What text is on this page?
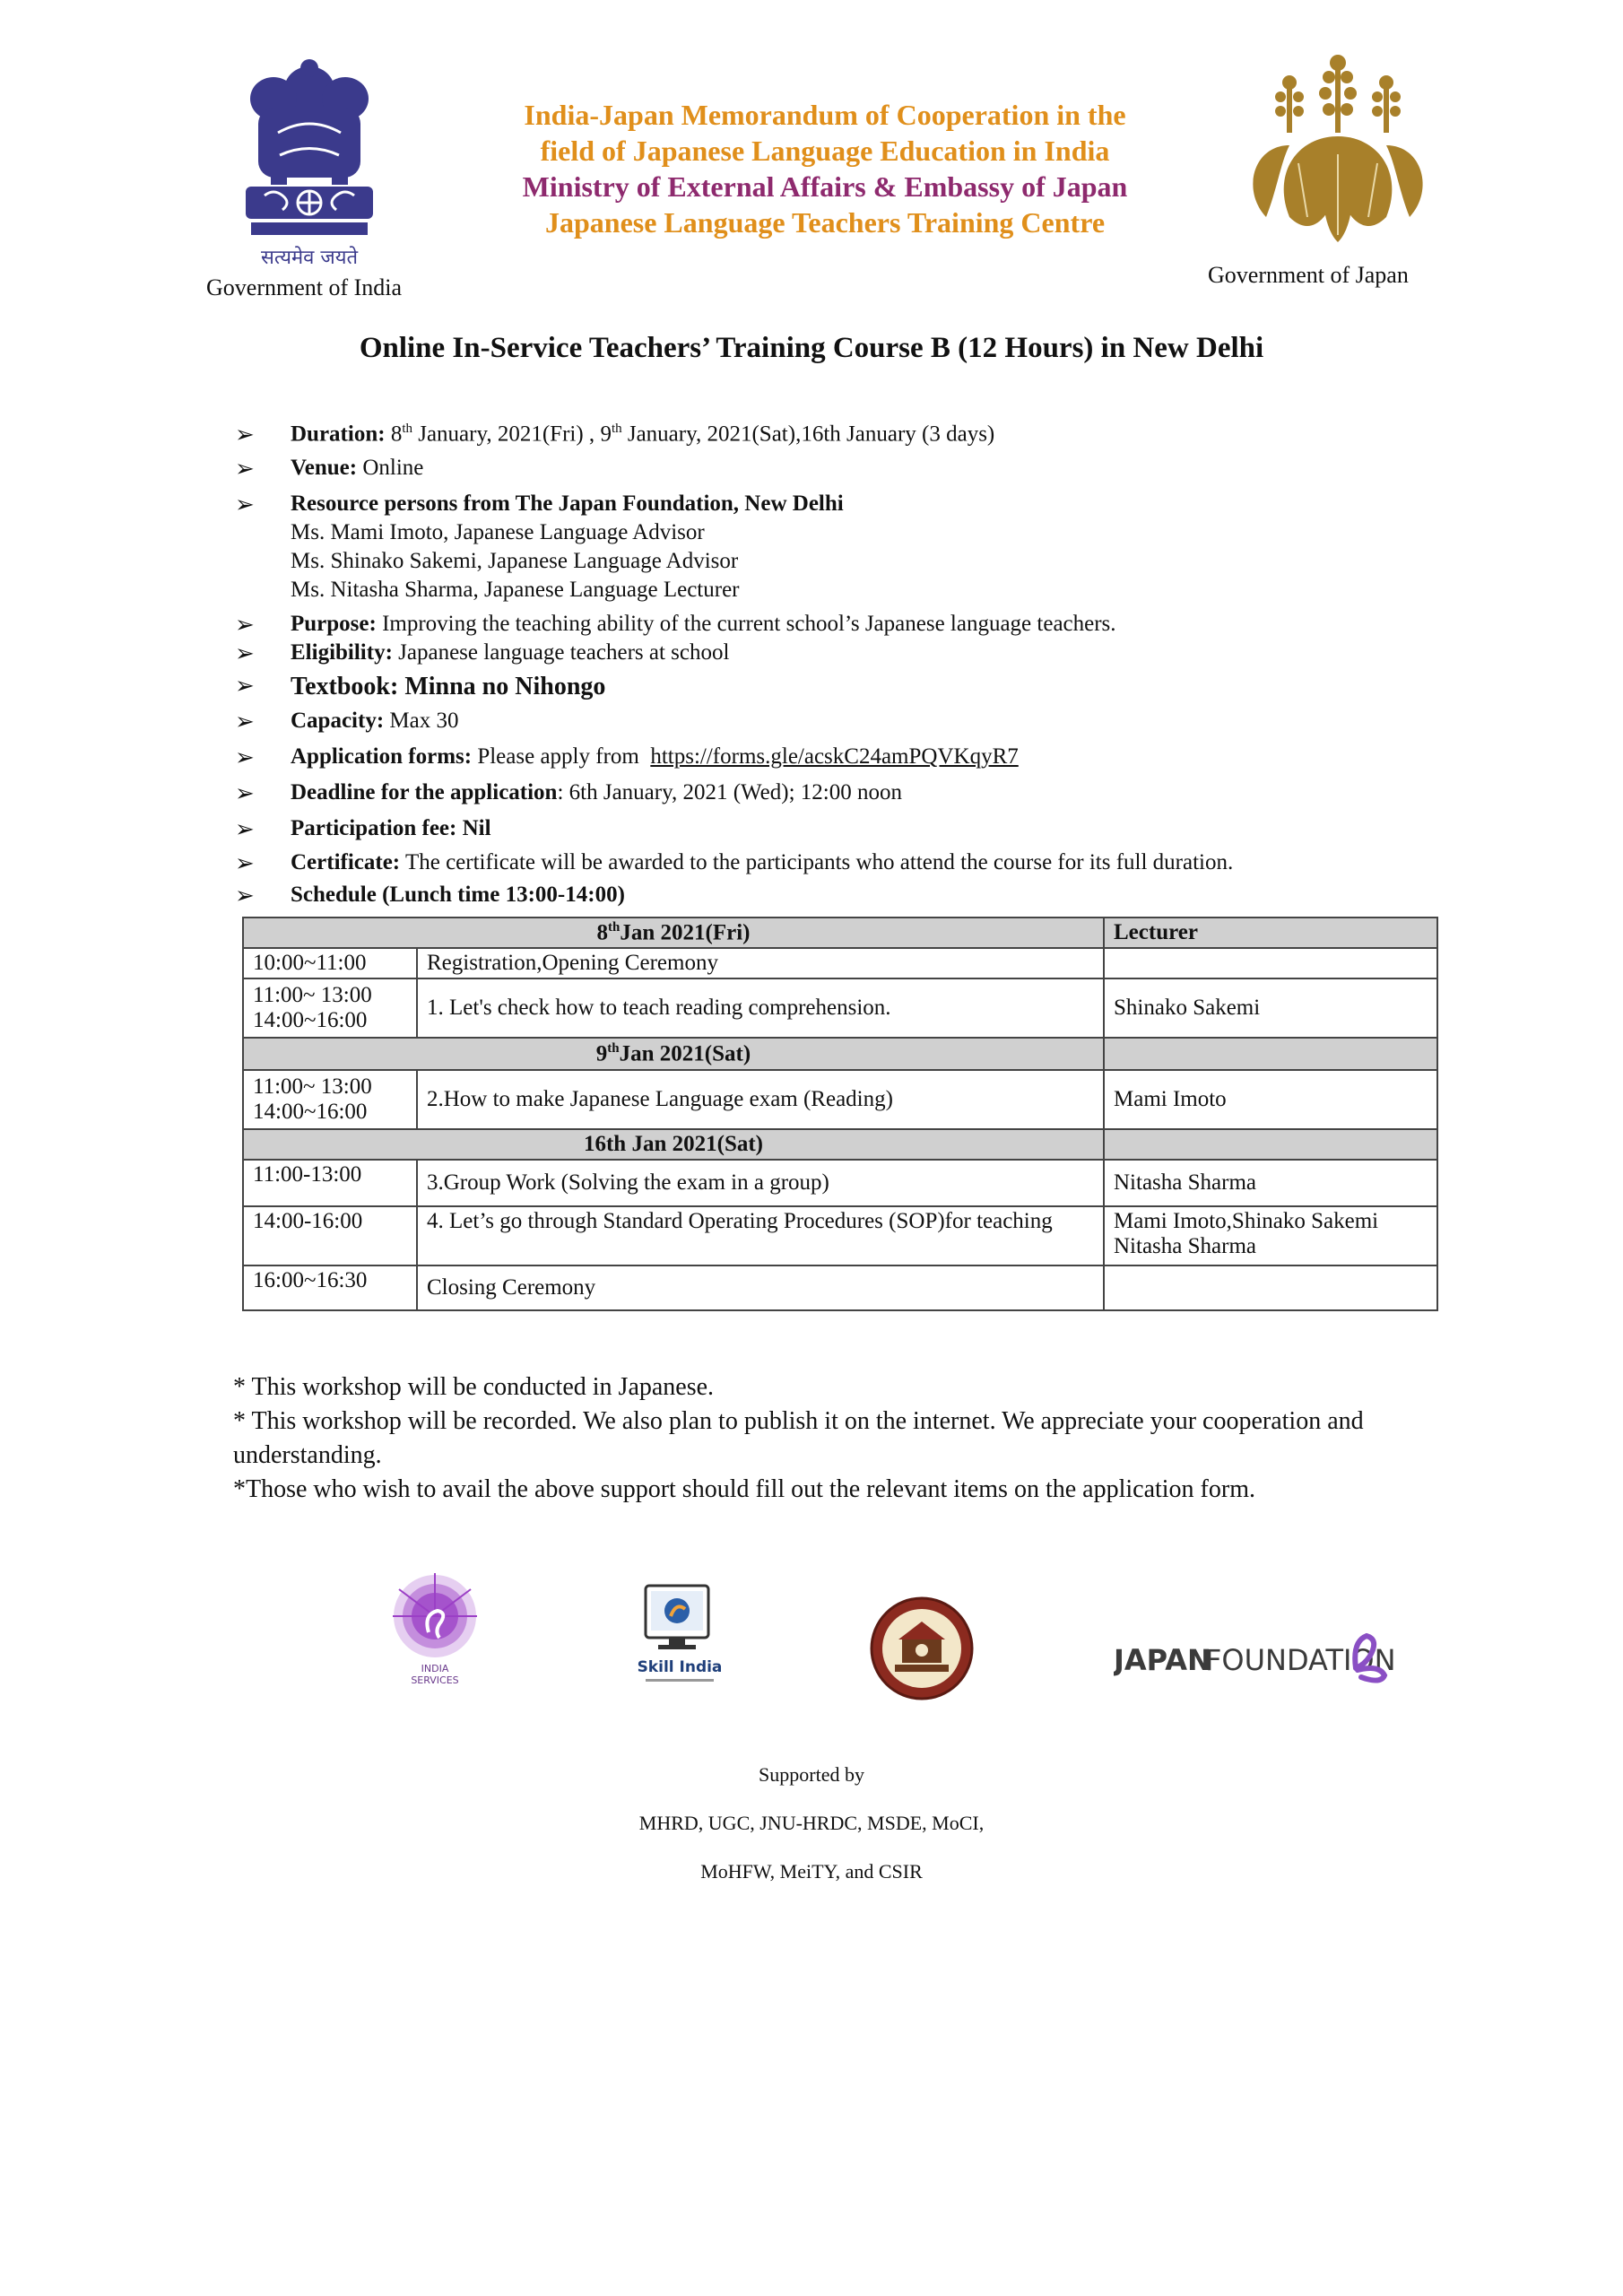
सत्यमेव जयते
Government of India
India-Japan Memorandum of Cooperation in the
field of Japanese Language Education in India
Ministry of External Affairs & Embassy of Japan
Japanese Language Teachers Training Centre
Government of Japan
Online In-Service Teachers’ Training Course B (12 Hours) in New Delhi
➢ Duration: 8th January, 2021(Fri) , 9th January, 2021(Sat),16th January (3 days)
➢ Venue: Online
➢ Resource persons from The Japan Foundation, New Delhi
Ms. Mami Imoto, Japanese Language Advisor
Ms. Shinako Sakemi, Japanese Language Advisor
Ms. Nitasha Sharma, Japanese Language Lecturer
➢ Purpose: Improving the teaching ability of the current school’s Japanese language teachers.
➢ Eligibility: Japanese language teachers at school
➢ Textbook: Minna no Nihongo
➢ Capacity: Max 30
➢ Application forms: Please apply from https://forms.gle/acskC24amPQVKqyR7
➢ Deadline for the application: 6th January, 2021 (Wed); 12:00 noon
➢ Participation fee: Nil
➢ Certificate: The certificate will be awarded to the participants who attend the course for its full duration.
➢ Schedule (Lunch time 13:00-14:00)
8thJan 2021(Fri)		Lecturer
10:00~11:00	Registration,Opening Ceremony	

11:00~ 13:00
14:00~16:00	1. Let's check how to teach reading comprehension.	Shinako Sakemi
9thJan 2021(Sat)		

11:00~ 13:00
14:00~16:00	2.How to make Japanese Language exam (Reading)	Mami Imoto
16th Jan 2021(Sat)		
11:00-13:00	3.Group Work (Solving the exam in a group)	Nitasha Sharma
14:00-16:00	4. Let’s go through Standard Operating Procedures (SOP)for teaching	Mami Imoto,Shinako Sakemi
Nitasha Sharma

16:00~16:30	Closing Ceremony	
* This workshop will be conducted in Japanese.
* This workshop will be recorded. We also plan to publish it on the internet. We appreciate your cooperation and understanding.
*Those who wish to avail the above support should fill out the relevant items on the application form.
INDIA
SERVICES
Skill India	JAPAN
FOUNDATION
Supported by
MHRD, UGC, JNU-HRDC, MSDE, MoCI,
MoHFW, MeiTY, and CSIR
